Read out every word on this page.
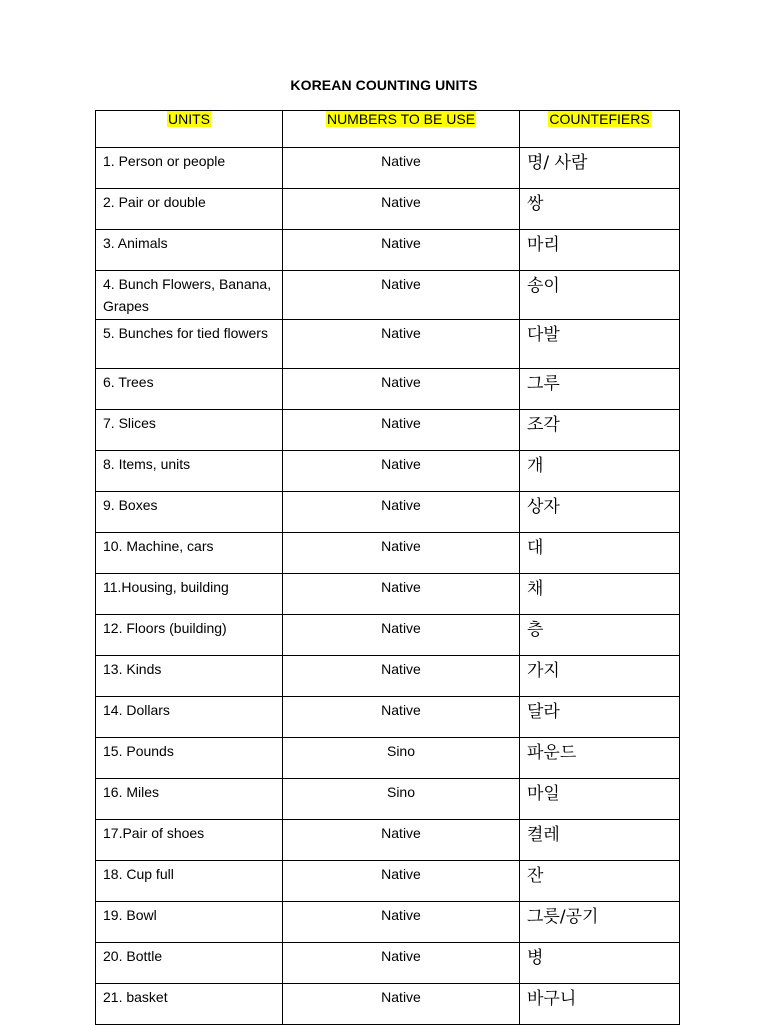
KOREAN COUNTING UNITS
UNITS	NUMBERS TO BE USE	COUNTEFIERS
1. Person or people	Native	명/ 사람
2. Pair or double	Native	쌍
3. Animals	Native	마리
4. Bunch Flowers, Banana, Grapes	Native	송이
5. Bunches for tied flowers	Native	다발
6. Trees	Native	그루
7. Slices	Native	조각
8. Items, units	Native	개
9. Boxes	Native	상자
10. Machine, cars	Native	대
11.Housing, building	Native	채
12. Floors (building)	Native	층
13. Kinds	Native	가지
14. Dollars	Native	달라
15. Pounds	Sino	파운드
16. Miles	Sino	마일
17.Pair of shoes	Native	켤레
18. Cup full	Native	잔
19. Bowl	Native	그릇/공기
20. Bottle	Native	병
21. basket	Native	바구니
